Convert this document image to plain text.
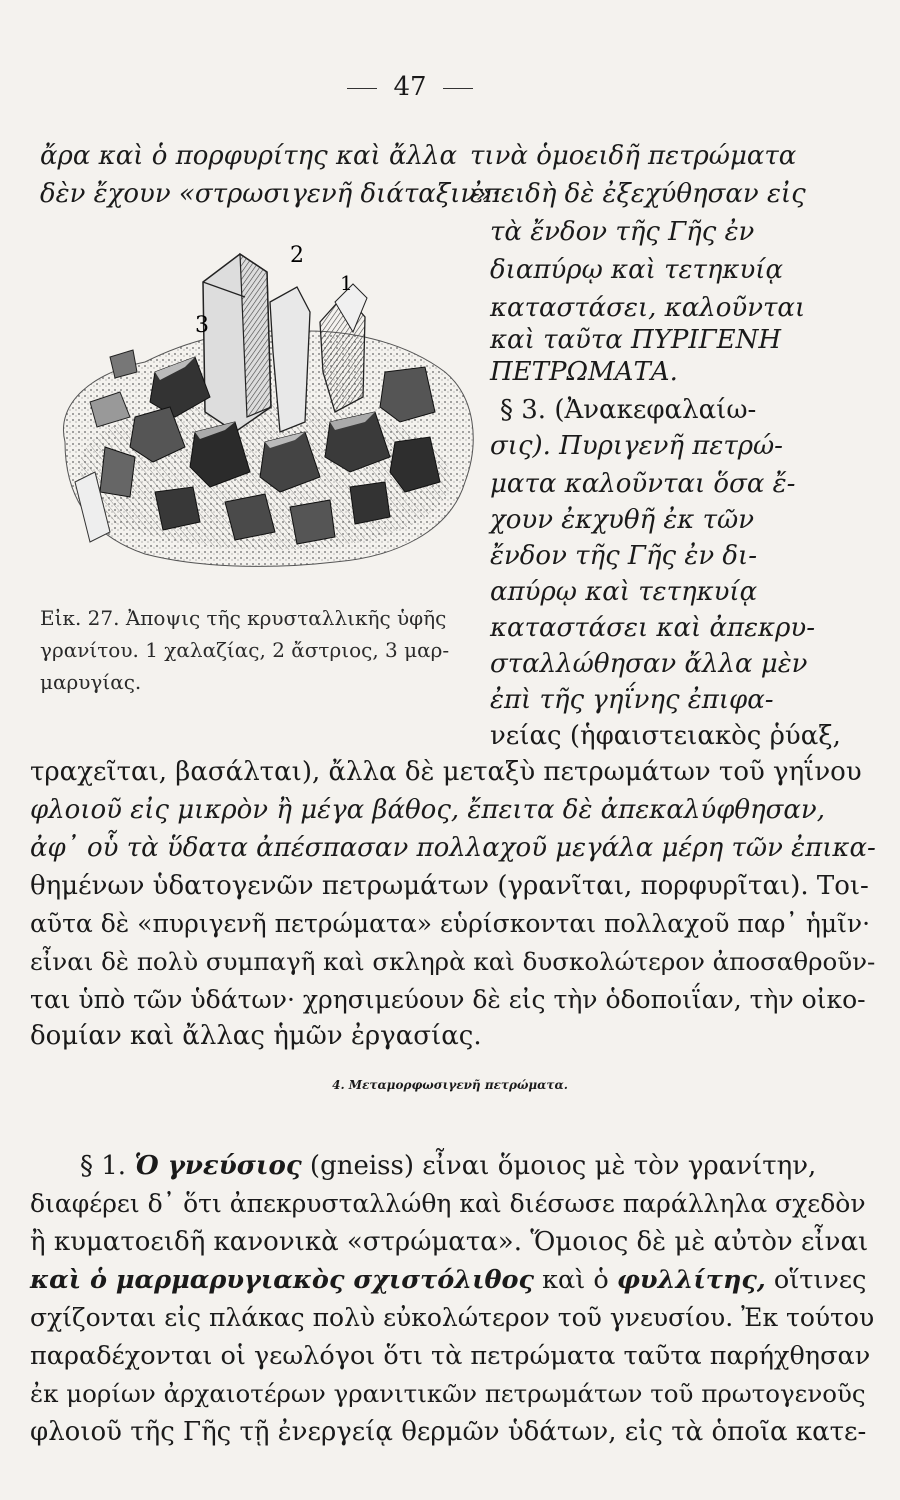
47
ἄρα καὶ ὁ πορφυρίτης καὶ ἄλλα τινὰ ὁμοειδῆ πετρώματα
δὲν ἔχουν «στρωσιγενῆ διάταξιν»·
ἐπειδὴ δὲ ἐξεχύθησαν εἰς
2
3
1
τὰ ἔνδον τῆς Γῆς ἐν
διαπύρῳ καὶ τετηκυίᾳ
καταστάσει, καλοῦνται
καὶ ταῦτα ΠΥΡΙΓΕΝΗ
ΠΕΤΡΩΜΑΤΑ.
§ 3. (Ἀνακεφαλαίω-
σις). Πυριγενῆ πετρώ-
ματα καλοῦνται ὅσα ἔ-
χουν ἐκχυθῆ ἐκ τῶν
ἔνδον τῆς Γῆς ἐν δι-
απύρῳ καὶ τετηκυίᾳ
καταστάσει καὶ ἀπεκρυ-
σταλλώθησαν ἄλλα μὲν
ἐπὶ τῆς γηΐνης ἐπιφα-
νείας (ἡφαιστειακὸς ῥύαξ,
Εἰκ. 27. Ἀποψις τῆς κρυσταλλικῆς ὑφῆς
γρανίτου. 1 χαλαζίας, 2 ἄστριος, 3 μαρ-
μαρυγίας.
τραχεῖται, βασάλται), ἄλλα δὲ μεταξὺ πετρωμάτων τοῦ γηΐνου
φλοιοῦ εἰς μικρὸν ἢ μέγα βάθος, ἔπειτα δὲ ἀπεκαλύφθησαν,
ἀφ᾽ οὗ τὰ ὕδατα ἀπέσπασαν πολλαχοῦ μεγάλα μέρη τῶν ἐπικα-
θημένων ὑδατογενῶν πετρωμάτων (γρανῖται, πορφυρῖται). Τοι-
αῦτα δὲ «πυριγενῆ πετρώματα» εὑρίσκονται πολλαχοῦ παρ᾽ ἡμῖν·
εἶναι δὲ πολὺ συμπαγῆ καὶ σκληρὰ καὶ δυσκολώτερον ἀποσαθροῦν-
ται ὑπὸ τῶν ὑδάτων· χρησιμεύουν δὲ εἰς τὴν ὁδοποιΐαν, τὴν οἰκο-
δομίαν καὶ ἄλλας ἡμῶν ἐργασίας.
4. Μεταμορφωσιγενῆ πετρώματα.
§ 1. Ὁ γνεύσιος (gneiss) εἶναι ὅμοιος μὲ τὸν γρανίτην,
διαφέρει δ᾽ ὅτι ἀπεκρυσταλλώθη καὶ διέσωσε παράλληλα σχεδὸν
ἢ κυματοειδῆ κανονικὰ «στρώματα». Ὅμοιος δὲ μὲ αὐτὸν εἶναι
καὶ ὁ μαρμαρυγιακὸς σχιστόλιθος καὶ ὁ φυλλίτης, οἵτινες
σχίζονται εἰς πλάκας πολὺ εὐκολώτερον τοῦ γνευσίου. Ἐκ τούτου
παραδέχονται οἱ γεωλόγοι ὅτι τὰ πετρώματα ταῦτα παρήχθησαν
ἐκ μορίων ἀρχαιοτέρων γρανιτικῶν πετρωμάτων τοῦ πρωτογενοῦς
φλοιοῦ τῆς Γῆς τῇ ἐνεργείᾳ θερμῶν ὑδάτων, εἰς τὰ ὁποῖα κατε-
